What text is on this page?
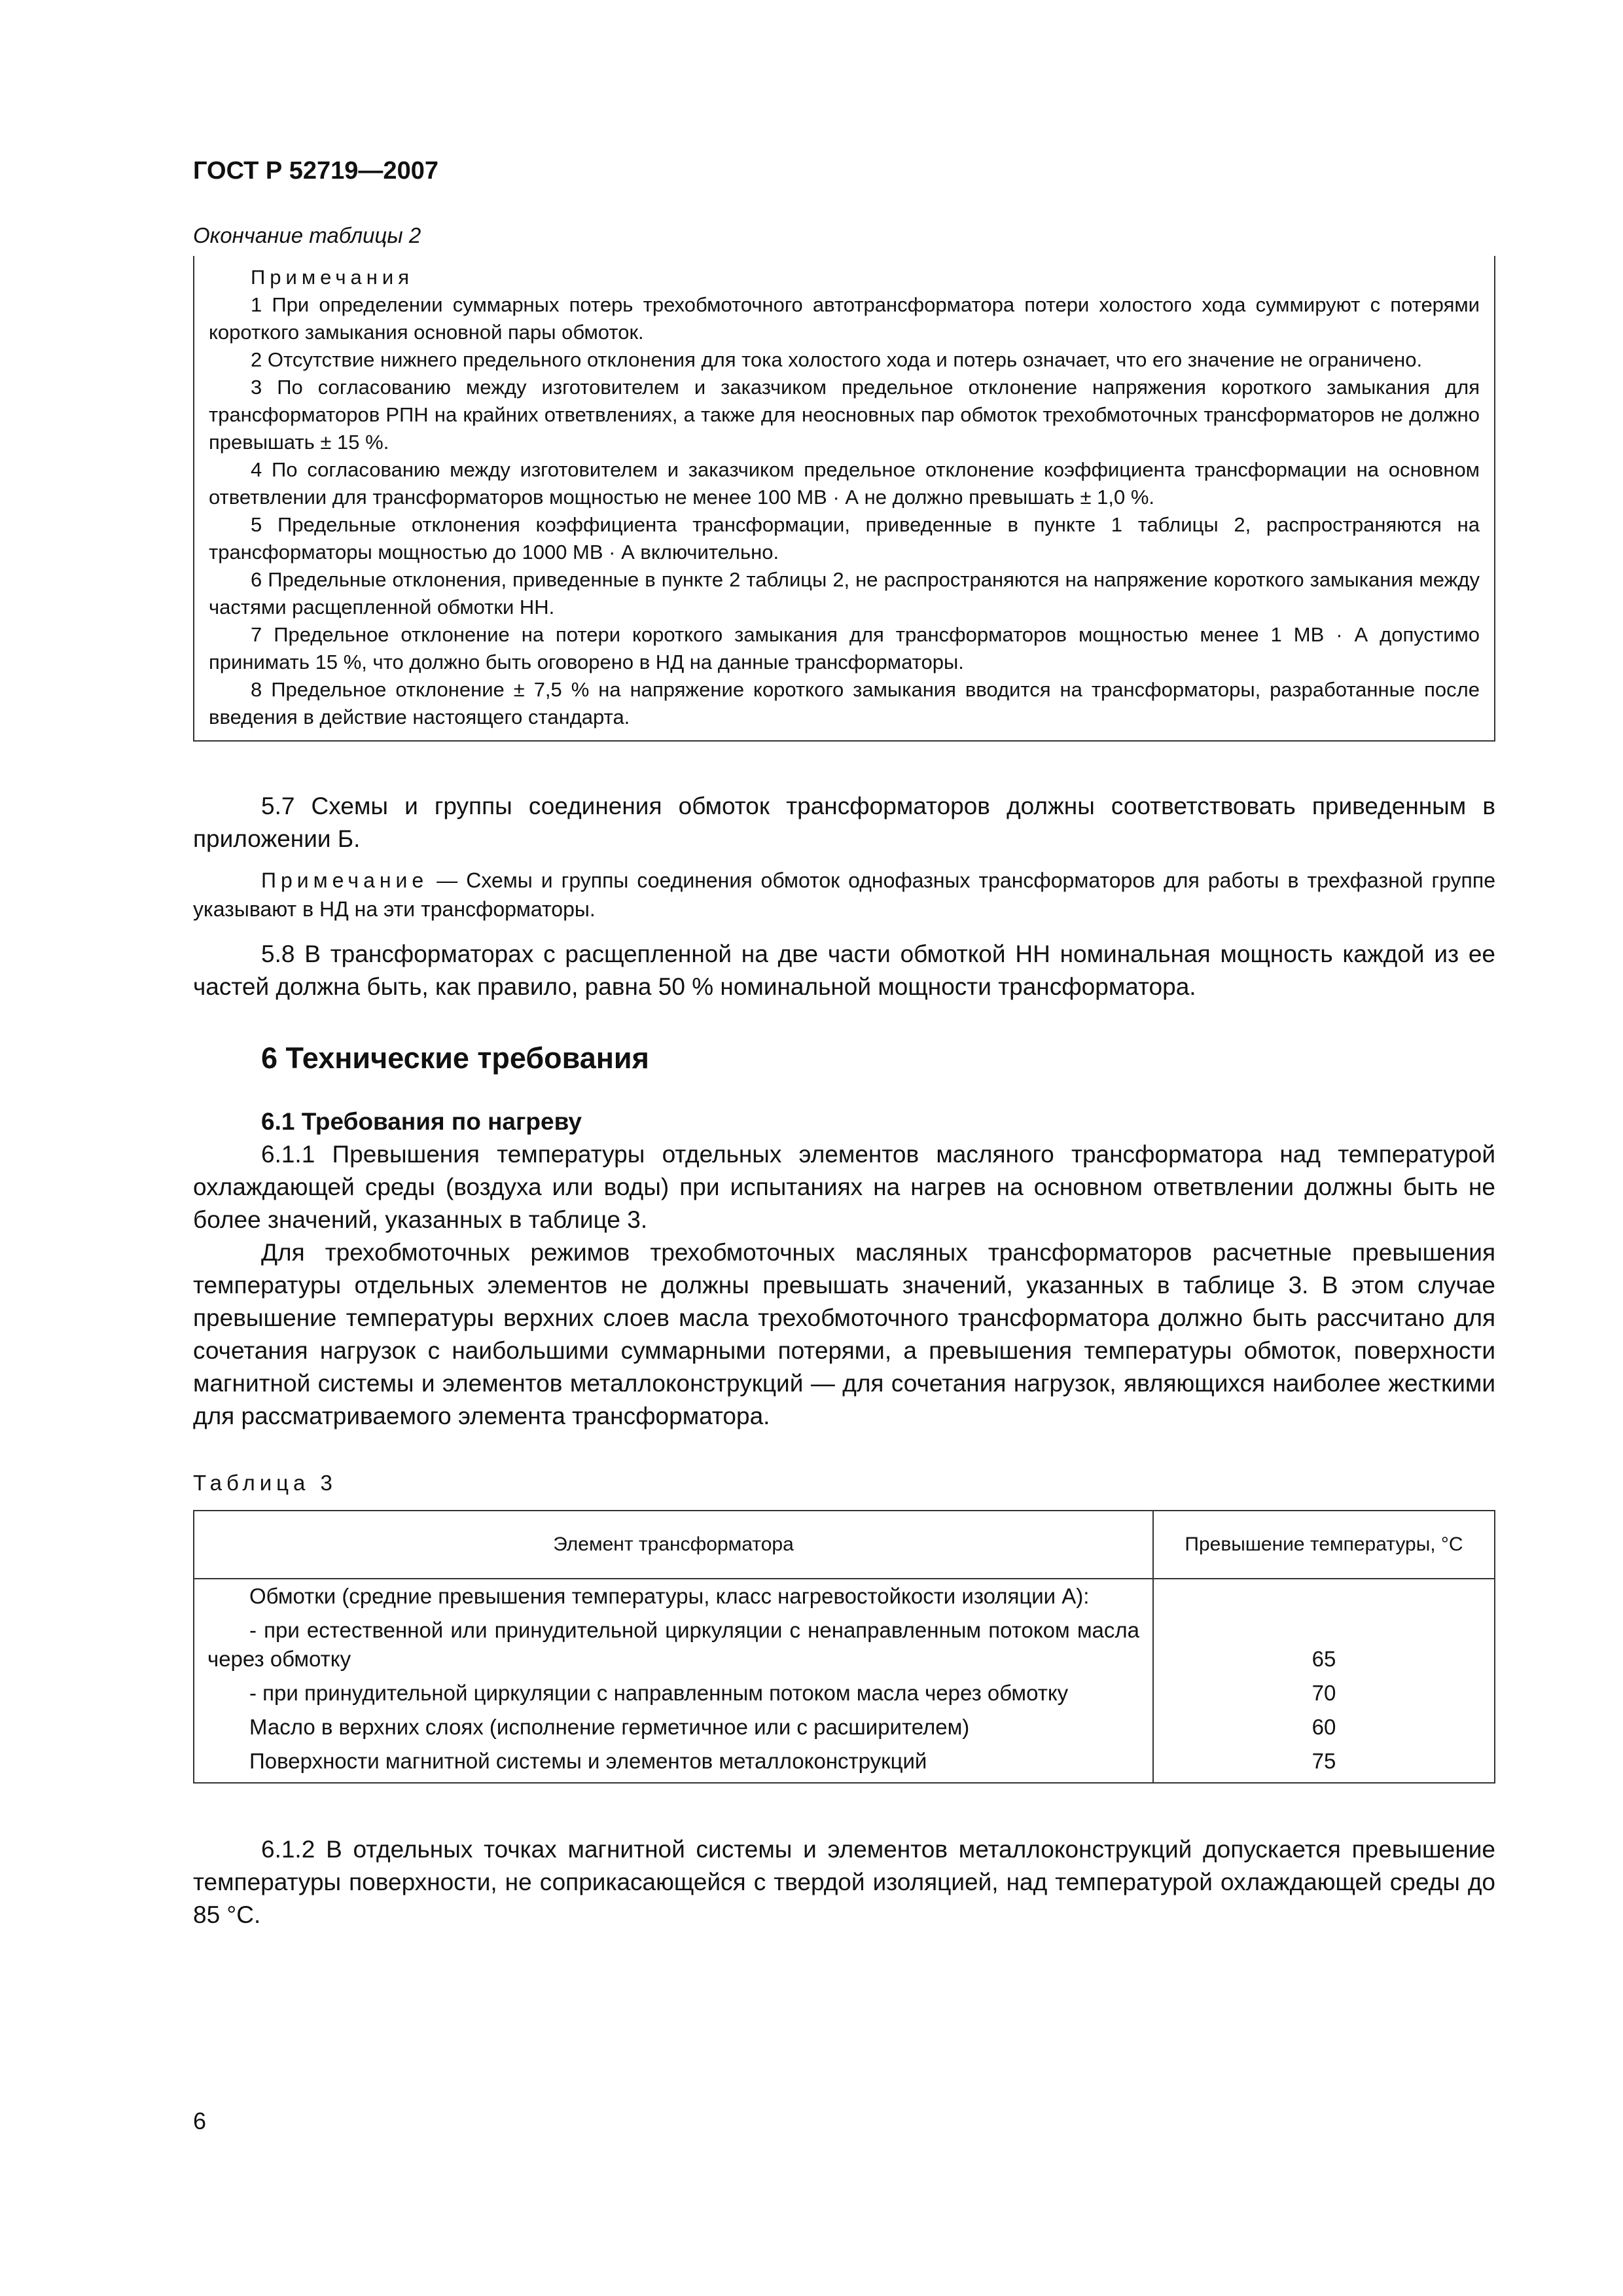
ГОСТ Р 52719—2007
Окончание таблицы 2

Примечания

1 При определении суммарных потерь трехобмоточного автотрансформатора потери холостого хода суммируют с потерями короткого замыкания основной пары обмоток.

2 Отсутствие нижнего предельного отклонения для тока холостого хода и потерь означает, что его значение не ограничено.

3 По согласованию между изготовителем и заказчиком предельное отклонение напряжения короткого замыкания для трансформаторов РПН на крайних ответвлениях, а также для неосновных пар обмоток трехобмоточных трансформаторов не должно превышать ± 15 %.

4 По согласованию между изготовителем и заказчиком предельное отклонение коэффициента трансформации на основном ответвлении для трансформаторов мощностью не менее 100 МВ · А не должно превышать ± 1,0 %.

5 Предельные отклонения коэффициента трансформации, приведенные в пункте 1 таблицы 2, распространяются на трансформаторы мощностью до 1000 МВ · А включительно.

6 Предельные отклонения, приведенные в пункте 2 таблицы 2, не распространяются на напряжение короткого замыкания между частями расщепленной обмотки НН.

7 Предельное отклонение на потери короткого замыкания для трансформаторов мощностью менее 1 МВ · А допустимо принимать 15 %, что должно быть оговорено в НД на данные трансформаторы.

8 Предельное отклонение ± 7,5 % на напряжение короткого замыкания вводится на трансформаторы, разработанные после введения в действие настоящего стандарта.

5.7 Схемы и группы соединения обмоток трансформаторов должны соответствовать приведенным в приложении Б.

Примечание — Схемы и группы соединения обмоток однофазных трансформаторов для работы в трехфазной группе указывают в НД на эти трансформаторы.

5.8 В трансформаторах с расщепленной на две части обмоткой НН номинальная мощность каждой из ее частей должна быть, как правило, равна 50 % номинальной мощности трансформатора.

6 Технические требования
6.1 Требования по нагреву

6.1.1 Превышения температуры отдельных элементов масляного трансформатора над температурой охлаждающей среды (воздуха или воды) при испытаниях на нагрев на основном ответвлении должны быть не более значений, указанных в таблице 3.

Для трехобмоточных режимов трехобмоточных масляных трансформаторов расчетные превышения температуры отдельных элементов не должны превышать значений, указанных в таблице 3. В этом случае превышение температуры верхних слоев масла трехобмоточного трансформатора должно быть рассчитано для сочетания нагрузок с наибольшими суммарными потерями, а превышения температуры обмоток, поверхности магнитной системы и элементов металлоконструкций — для сочетания нагрузок, являющихся наиболее жесткими для рассматриваемого элемента трансформатора.

Таблица 3
Элемент трансформатора	Превышение температуры, °С
Обмотки (средние превышения температуры, класс нагревостойкости изоляции А):	
- при естественной или принудительной циркуляции с ненаправленным потоком масла через обмотку	65
- при принудительной циркуляции с направленным потоком масла через обмотку	70
Масло в верхних слоях (исполнение герметичное или с расширителем)	60
Поверхности магнитной системы и элементов металлоконструкций	75

6.1.2 В отдельных точках магнитной системы и элементов металлоконструкций допускается превышение температуры поверхности, не соприкасающейся с твердой изоляцией, над температурой охлаждающей среды до 85 °С.

6
